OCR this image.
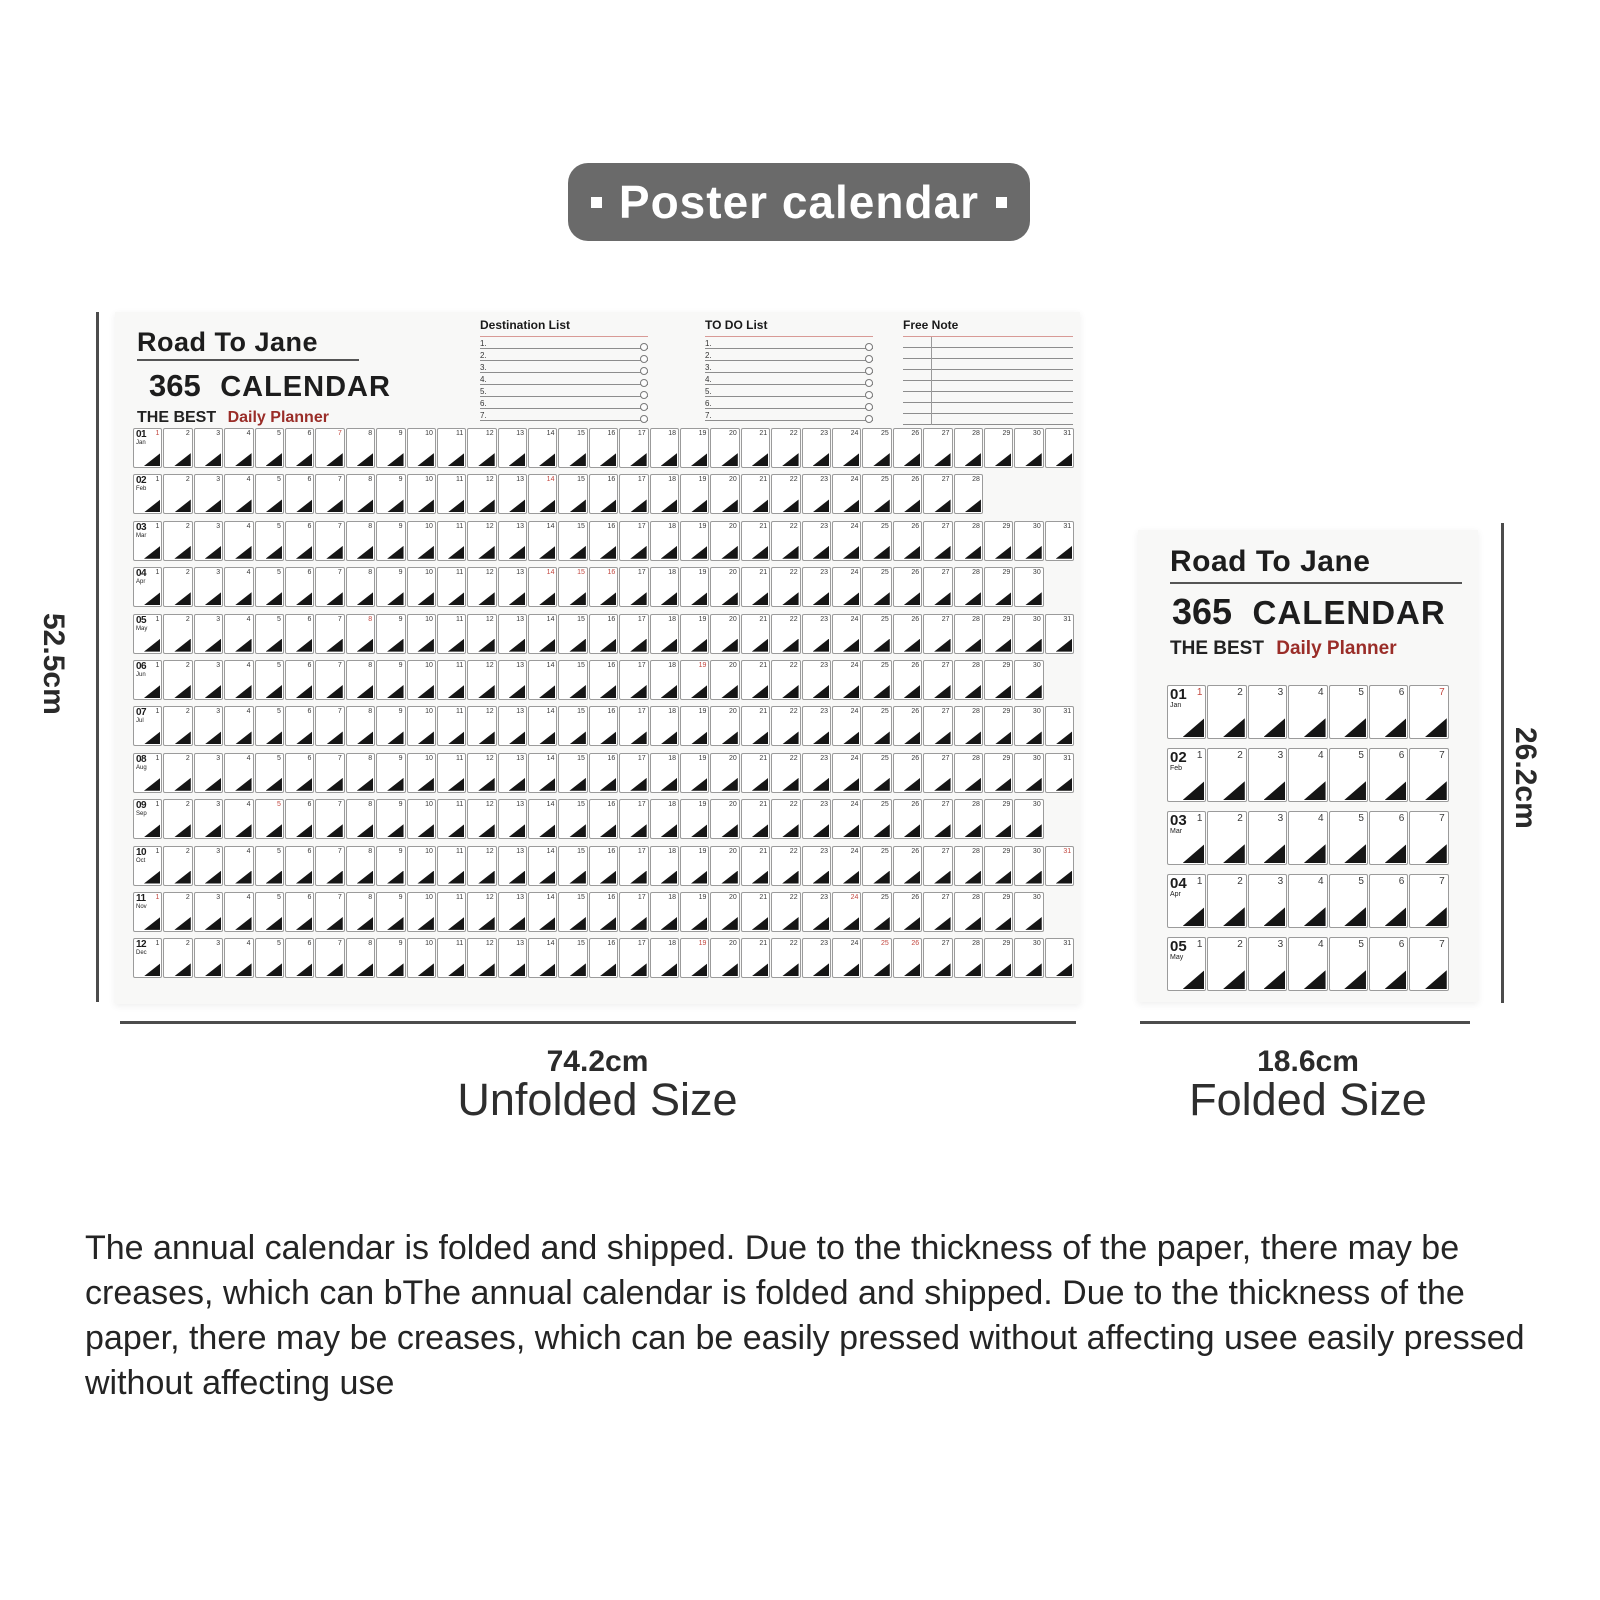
Poster calendar
Road To Jane
365 CALENDAR
THE BEST Daily Planner
Destination List
1.
2.
3.
4.
5.
6.
7.
TO DO List
1.
2.
3.
4.
5.
6.
7.
Free Note
01
Jan
1	2	3	4	5	6	7	8	9	10	11	12	13	14	15	16	17	18	19	20	21	22	23	24	25	26	27	28	29	30	31
02
Feb
1	2	3	4	5	6	7	8	9	10	11	12	13	14	15	16	17	18	19	20	21	22	23	24	25	26	27	28
03
Mar
1	2	3	4	5	6	7	8	9	10	11	12	13	14	15	16	17	18	19	20	21	22	23	24	25	26	27	28	29	30	31
04
Apr
1	2	3	4	5	6	7	8	9	10	11	12	13	14	15	16	17	18	19	20	21	22	23	24	25	26	27	28	29	30
05
May
1	2	3	4	5	6	7	8	9	10	11	12	13	14	15	16	17	18	19	20	21	22	23	24	25	26	27	28	29	30	31
06
Jun
1	2	3	4	5	6	7	8	9	10	11	12	13	14	15	16	17	18	19	20	21	22	23	24	25	26	27	28	29	30
07
Jul
1	2	3	4	5	6	7	8	9	10	11	12	13	14	15	16	17	18	19	20	21	22	23	24	25	26	27	28	29	30	31
08
Aug
1	2	3	4	5	6	7	8	9	10	11	12	13	14	15	16	17	18	19	20	21	22	23	24	25	26	27	28	29	30	31
09
Sep
1	2	3	4	5	6	7	8	9	10	11	12	13	14	15	16	17	18	19	20	21	22	23	24	25	26	27	28	29	30
10
Oct
1	2	3	4	5	6	7	8	9	10	11	12	13	14	15	16	17	18	19	20	21	22	23	24	25	26	27	28	29	30	31
11
Nov
1	2	3	4	5	6	7	8	9	10	11	12	13	14	15	16	17	18	19	20	21	22	23	24	25	26	27	28	29	30
12
Dec
1	2	3	4	5	6	7	8	9	10	11	12	13	14	15	16	17	18	19	20	21	22	23	24	25	26	27	28	29	30	31
Road To Jane
365 CALENDAR
THE BEST Daily Planner
01
Jan
1	2	3	4	5	6	7
02
Feb
1	2	3	4	5	6	7
03
Mar
1	2	3	4	5	6	7
04
Apr
1	2	3	4	5	6	7
05
May
1	2	3	4	5	6	7
52.5cm
74.2cm
Unfolded Size
26.2cm
18.6cm
Folded Size

The annual calendar is folded and shipped. Due to the thickness of the paper, there may be creases, which can bThe annual calendar is folded and shipped. Due to the thickness of the paper, there may be creases, which can be easily pressed without affecting usee easily pressed without affecting use
